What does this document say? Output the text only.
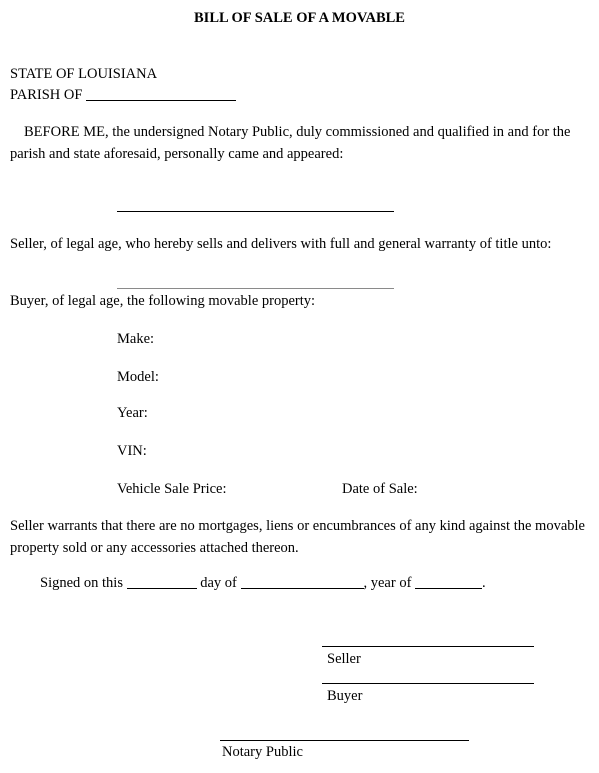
BILL OF SALE OF A MOVABLE
STATE OF LOUISIANA
PARISH OF
BEFORE ME, the undersigned Notary Public, duly commissioned and qualified in and for the parish and state aforesaid, personally came and appeared:
Seller, of legal age, who hereby sells and delivers with full and general warranty of title unto:
Buyer, of legal age, the following movable property:
Make:
Model:
Year:
VIN:
Vehicle Sale Price:	Date of Sale:
Seller warrants that there are no mortgages, liens or encumbrances of any kind against the movable property sold or any accessories attached thereon.
Signed on this	day of	, year of	.
Seller
Buyer
Notary Public
